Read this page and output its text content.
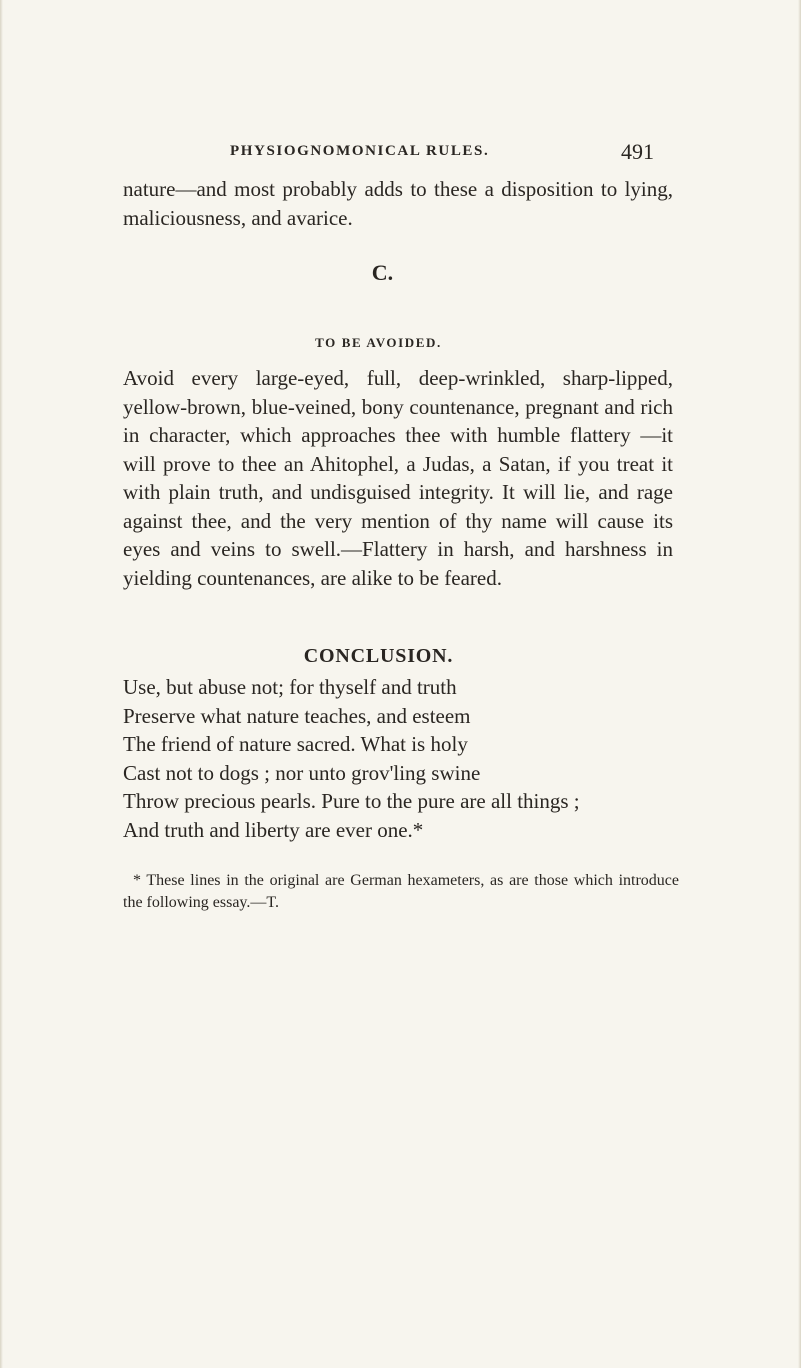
PHYSIOGNOMONICAL RULES.	491

nature—and most probably adds to these a disposition to lying, maliciousness, and avarice.

C.
TO BE AVOIDED.

Avoid every large-eyed, full, deep-wrinkled, sharp-lipped, yellow-brown, blue-veined, bony countenance, pregnant and rich in character, which approaches thee with humble flattery —it will prove to thee an Ahitophel, a Judas, a Satan, if you treat it with plain truth, and undisguised integrity. It will lie, and rage against thee, and the very mention of thy name will cause its eyes and veins to swell.—Flattery in harsh, and harshness in yielding countenances, are alike to be feared.

CONCLUSION.
Use, but abuse not; for thyself and truth
Preserve what nature teaches, and esteem
The friend of nature sacred. What is holy
Cast not to dogs ; nor unto grov'ling swine
Throw precious pearls. Pure to the pure are all things ;
And truth and liberty are ever one.*

* These lines in the original are German hexameters, as are those which introduce the following essay.—T.
